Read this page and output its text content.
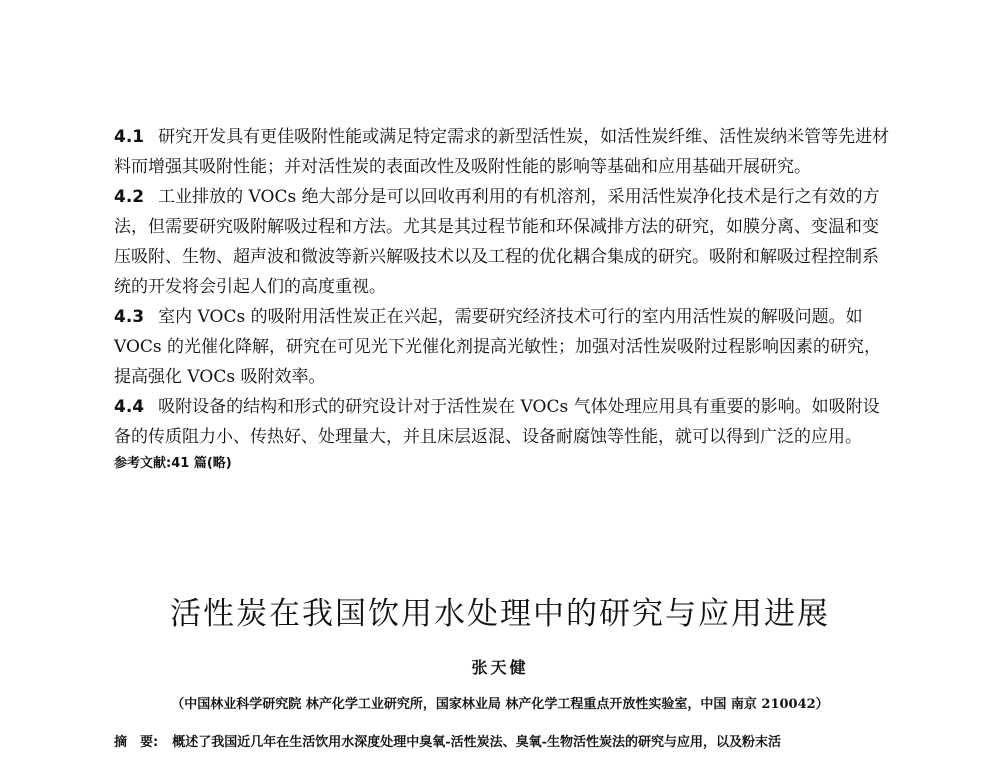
4.1 研究开发具有更佳吸附性能或满足特定需求的新型活性炭，如活性炭纤维、活性炭纳米管等先进材料而增强其吸附性能；并对活性炭的表面改性及吸附性能的影响等基础和应用基础开展研究。

4.2 工业排放的 VOCs 绝大部分是可以回收再利用的有机溶剂，采用活性炭净化技术是行之有效的方法，但需要研究吸附解吸过程和方法。尤其是其过程节能和环保减排方法的研究，如膜分离、变温和变压吸附、生物、超声波和微波等新兴解吸技术以及工程的优化耦合集成的研究。吸附和解吸过程控制系统的开发将会引起人们的高度重视。

4.3 室内 VOCs 的吸附用活性炭正在兴起，需要研究经济技术可行的室内用活性炭的解吸问题。如 VOCs 的光催化降解，研究在可见光下光催化剂提高光敏性；加强对活性炭吸附过程影响因素的研究，提高强化 VOCs 吸附效率。

4.4 吸附设备的结构和形式的研究设计对于活性炭在 VOCs 气体处理应用具有重要的影响。如吸附设备的传质阻力小、传热好、处理量大，并且床层返混、设备耐腐蚀等性能，就可以得到广泛的应用。

参考文献:41 篇(略)
活性炭在我国饮用水处理中的研究与应用进展
张天健
（中国林业科学研究院 林产化学工业研究所，国家林业局 林产化学工程重点开放性实验室，中国 南京 210042）
摘　要: 概述了我国近几年在生活饮用水深度处理中臭氧-活性炭法、臭氧-生物活性炭法的研究与应用，以及粉末活
